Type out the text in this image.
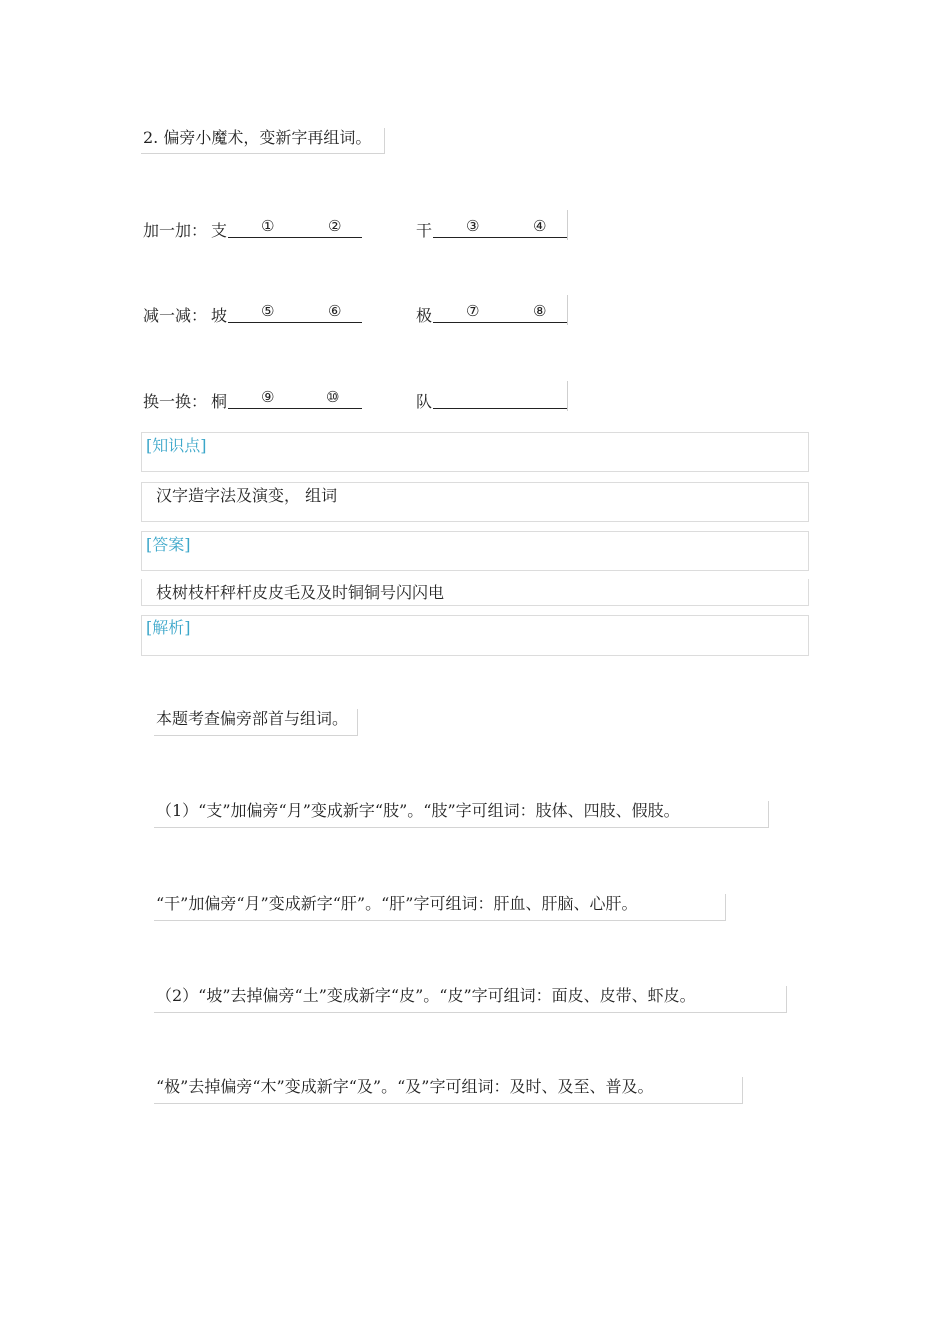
2. 偏旁小魔术，变新字再组词。
加一加： 支 ①	②	干 ③	④
减一减： 坡 ⑤	⑥	极 ⑦	⑧
换一换： 桐 ⑨	⑩	队
[知识点]
汉字造字法及演变， 组词
[答案]
枝树枝杆秤杆皮皮毛及及时铜铜号闪闪电
[解析]
本题考查偏旁部首与组词。
（1）“支”加偏旁“月”变成新字“肢”。“肢”字可组词：肢体、四肢、假肢。
“干”加偏旁“月”变成新字“肝”。“肝”字可组词：肝血、肝脑、心肝。
（2）“坡”去掉偏旁“土”变成新字“皮”。“皮”字可组词：面皮、皮带、虾皮。
“极”去掉偏旁“木”变成新字“及”。“及”字可组词：及时、及至、普及。
